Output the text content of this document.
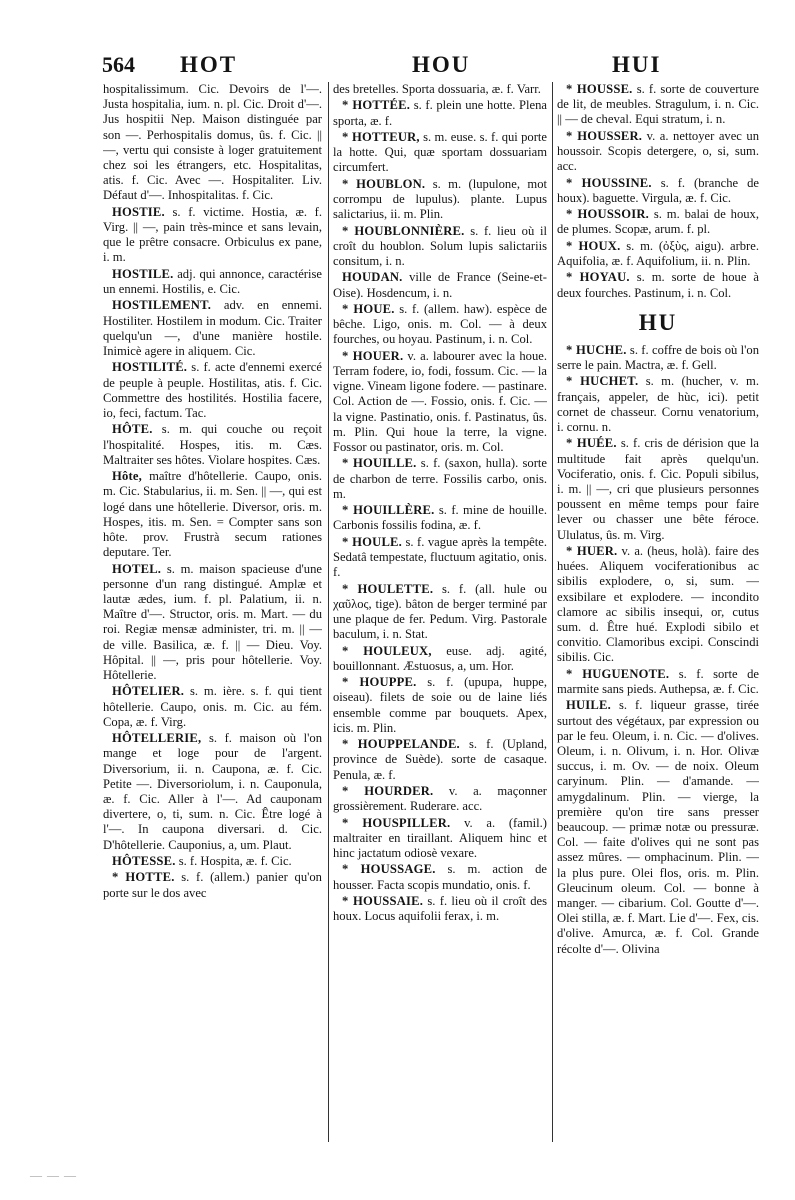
564 HOT	HOU	HUI

hospitalissimum. Cic. Devoirs de l'—. Justa hospitalia, ium. n. pl. Cic. Droit d'—. Jus hospitii Nep. Maison distinguée par son —. Perhospitalis domus, ûs. f. Cic. || —, vertu qui consiste à loger gratuitement chez soi les étrangers, etc. Hospitalitas, atis. f. Cic. Avec —. Hospitaliter. Liv. Défaut d'—. Inhospitalitas. f. Cic.

HOSTIE. s. f. victime. Hostia, æ. f. Virg. || —, pain très-mince et sans levain, que le prêtre consacre. Orbiculus ex pane, i. m.

HOSTILE. adj. qui annonce, caractérise un ennemi. Hostilis, e. Cic.

HOSTILEMENT. adv. en ennemi. Hostiliter. Hostilem in modum. Cic. Traiter quelqu'un —, d'une manière hostile. Inimicè agere in aliquem. Cic.

HOSTILITÉ. s. f. acte d'ennemi exercé de peuple à peuple. Hostilitas, atis. f. Cic. Commettre des hostilités. Hostilia facere, io, feci, factum. Tac.

HÔTE. s. m. qui couche ou reçoit l'hospitalité. Hospes, itis. m. Cæs. Maltraiter ses hôtes. Violare hospites. Cæs.

Hôte, maître d'hôtellerie. Caupo, onis. m. Cic. Stabularius, ii. m. Sen. || —, qui est logé dans une hôtellerie. Diversor, oris. m. Hospes, itis. m. Sen. = Compter sans son hôte. prov. Frustrà secum rationes deputare. Ter.

HOTEL. s. m. maison spacieuse d'une personne d'un rang distingué. Amplæ et lautæ ædes, ium. f. pl. Palatium, ii. n. Maître d'—. Structor, oris. m. Mart. — du roi. Regiæ mensæ administer, tri. m. || — de ville. Basilica, æ. f. || — Dieu. Voy. Hôpital. || —, pris pour hôtellerie. Voy. Hôtellerie.

HÔTELIER. s. m. ière. s. f. qui tient hôtellerie. Caupo, onis. m. Cic. au fém. Copa, æ. f. Virg.

HÔTELLERIE, s. f. maison où l'on mange et loge pour de l'argent. Diversorium, ii. n. Caupona, æ. f. Cic. Petite —. Diversoriolum, i. n. Cauponula, æ. f. Cic. Aller à l'—. Ad cauponam divertere, o, ti, sum. n. Cic. Être logé à l'—. In caupona diversari. d. Cic. D'hôtellerie. Cauponius, a, um. Plaut.

HÔTESSE. s. f. Hospita, æ. f. Cic.

* HOTTE. s. f. (allem.) panier qu'on porte sur le dos avec

des bretelles. Sporta dossuaria, æ. f. Varr.

* HOTTÉE. s. f. plein une hotte. Plena sporta, æ. f.

* HOTTEUR, s. m. euse. s. f. qui porte la hotte. Qui, quæ sportam dossuariam circumfert.

* HOUBLON. s. m. (lupulone, mot corrompu de lupulus). plante. Lupus salictarius, ii. m. Plin.

* HOUBLONNIÈRE. s. f. lieu où il croît du houblon. Solum lupis salictariis consitum, i. n.

HOUDAN. ville de France (Seine-et-Oise). Hosdencum, i. n.

* HOUE. s. f. (allem. haw). espèce de bêche. Ligo, onis. m. Col. — à deux fourches, ou hoyau. Pastinum, i. n. Col.

* HOUER. v. a. labourer avec la houe. Terram fodere, io, fodi, fossum. Cic. — la vigne. Vineam ligone fodere. — pastinare. Col. Action de —. Fossio, onis. f. Cic. — la vigne. Pastinatio, onis. f. Pastinatus, ûs. m. Plin. Qui houe la terre, la vigne. Fossor ou pastinator, oris. m. Col.

* HOUILLE. s. f. (saxon, hulla). sorte de charbon de terre. Fossilis carbo, onis. m.

* HOUILLÈRE. s. f. mine de houille. Carbonis fossilis fodina, æ. f.

* HOULE. s. f. vague après la tempête. Sedatâ tempestate, fluctuum agitatio, onis. f.

* HOULETTE. s. f. (all. hule ou χαῦλος, tige). bâton de berger terminé par une plaque de fer. Pedum. Virg. Pastorale baculum, i. n. Stat.

* HOULEUX, euse. adj. agité, bouillonnant. Æstuosus, a, um. Hor.

* HOUPPE. s. f. (upupa, huppe, oiseau). filets de soie ou de laine liés ensemble comme par bouquets. Apex, icis. m. Plin.

* HOUPPELANDE. s. f. (Upland, province de Suède). sorte de casaque. Penula, æ. f.

* HOURDER. v. a. maçonner grossièrement. Ruderare. acc.

* HOUSPILLER. v. a. (famil.) maltraiter en tiraillant. Aliquem hinc et hinc jactatum odiosè vexare.

* HOUSSAGE. s. m. action de housser. Facta scopis mundatio, onis. f.

* HOUSSAIE. s. f. lieu où il croît des houx. Locus aquifolii ferax, i. m.

* HOUSSE. s. f. sorte de couverture de lit, de meubles. Stragulum, i. n. Cic. || — de cheval. Equi stratum, i. n.

* HOUSSER. v. a. nettoyer avec un houssoir. Scopis detergere, o, si, sum. acc.

* HOUSSINE. s. f. (branche de houx). baguette. Virgula, æ. f. Cic.

* HOUSSOIR. s. m. balai de houx, de plumes. Scopæ, arum. f. pl.

* HOUX. s. m. (ὀξὺς, aigu). arbre. Aquifolia, æ. f. Aquifolium, ii. n. Plin.

* HOYAU. s. m. sorte de houe à deux fourches. Pastinum, i. n. Col.

HU

* HUCHE. s. f. coffre de bois où l'on serre le pain. Mactra, æ. f. Gell.

* HUCHET. s. m. (hucher, v. m. français, appeler, de hùc, ici). petit cornet de chasseur. Cornu venatorium, i. cornu. n.

* HUÉE. s. f. cris de dérision que la multitude fait après quelqu'un. Vociferatio, onis. f. Cic. Populi sibilus, i. m. || —, cri que plusieurs personnes poussent en même temps pour faire lever ou chasser une bête féroce. Ululatus, ûs. m. Virg.

* HUER. v. a. (heus, holà). faire des huées. Aliquem vociferationibus ac sibilis explodere, o, si, sum. — exsibilare et explodere. — incondito clamore ac sibilis insequi, or, cutus sum. d. Être hué. Explodi sibilo et convitio. Clamoribus excipi. Conscindi sibilis. Cic.

* HUGUENOTE. s. f. sorte de marmite sans pieds. Authepsa, æ. f. Cic.

HUILE. s. f. liqueur grasse, tirée surtout des végétaux, par expression ou par le feu. Oleum, i. n. Cic. — d'olives. Oleum, i. n. Olivum, i. n. Hor. Olivæ succus, i. m. Ov. — de noix. Oleum caryinum. Plin. — d'amande. — amygdalinum. Plin. — vierge, la première qu'on tire sans presser beaucoup. — primæ notæ ou pressuræ. Col. — faite d'olives qui ne sont pas assez mûres. — omphacinum. Plin. — la plus pure. Olei flos, oris. m. Plin. Gleucinum oleum. Col. — bonne à manger. — cibarium. Col. Goutte d'—. Olei stilla, æ. f. Mart. Lie d'—. Fex, cis. d'olive. Amurca, æ. f. Col. Grande récolte d'—. Olivina

— — —
